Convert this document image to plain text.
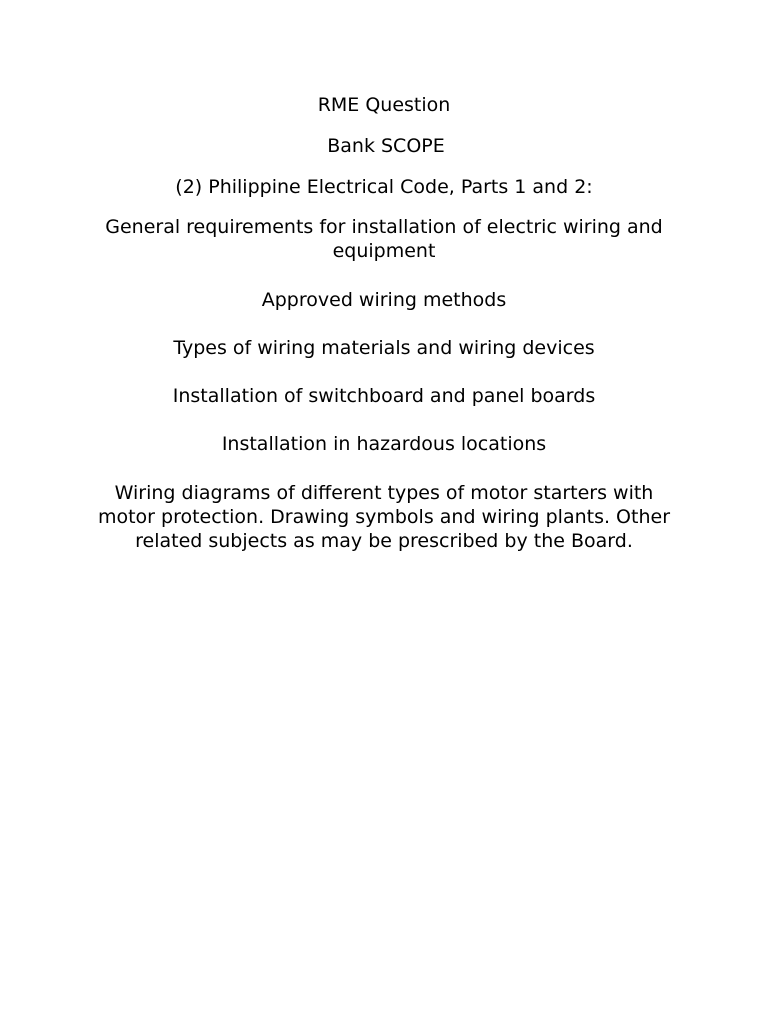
RME Question

Bank SCOPE

(2) Philippine Electrical Code, Parts 1 and 2:

General requirements for installation of electric wiring and equipment

Approved wiring methods

Types of wiring materials and wiring devices

Installation of switchboard and panel boards

Installation in hazardous locations

Wiring diagrams of different types of motor starters with motor protection. Drawing symbols and wiring plants. Other related subjects as may be prescribed by the Board.
